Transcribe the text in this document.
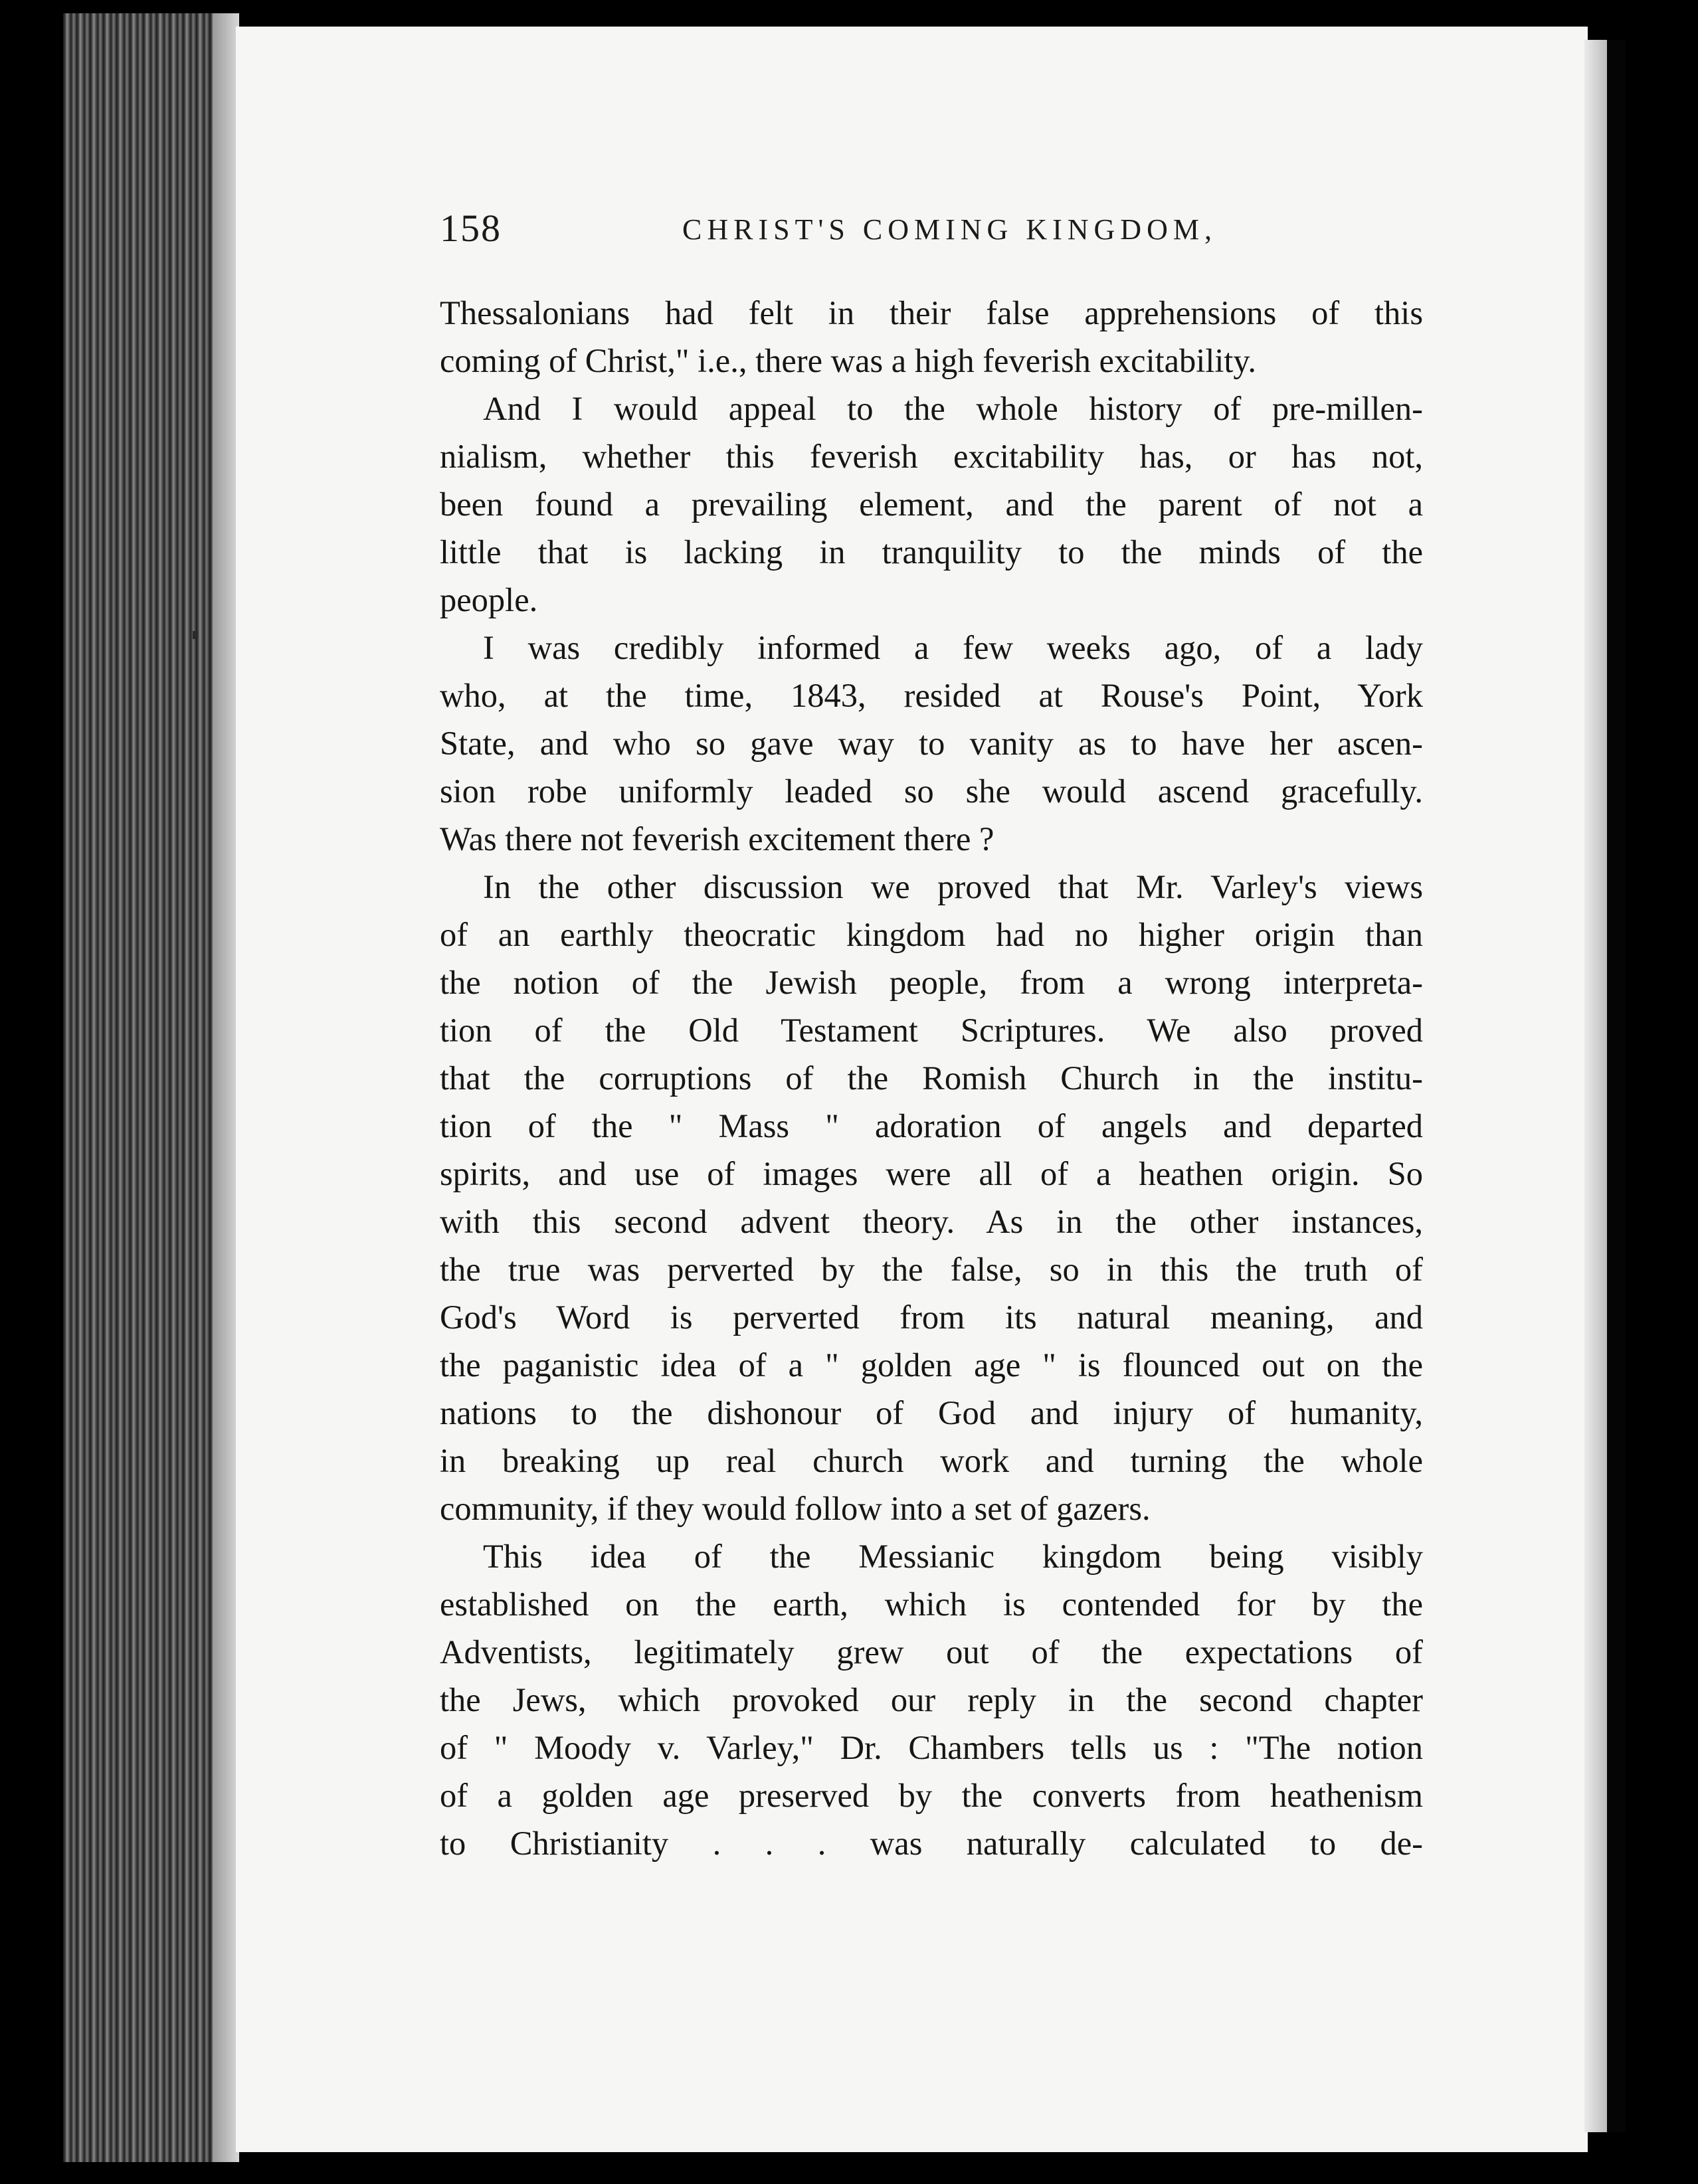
158	CHRIST'S COMING KINGDOM,
Thessalonians had felt in their false apprehensions of this
coming of Christ," i.e., there was a high feverish excitability.
And I would appeal to the whole history of pre-millen-
nialism, whether this feverish excitability has, or has not,
been found a prevailing element, and the parent of not a
little that is lacking in tranquility to the minds of the
people.
I was credibly informed a few weeks ago, of a lady
who, at the time, 1843, resided at Rouse's Point, York
State, and who so gave way to vanity as to have her ascen-
sion robe uniformly leaded so she would ascend gracefully.
Was there not feverish excitement there ?
In the other discussion we proved that Mr. Varley's views
of an earthly theocratic kingdom had no higher origin than
the notion of the Jewish people, from a wrong interpreta-
tion of the Old Testament Scriptures. We also proved
that the corruptions of the Romish Church in the institu-
tion of the " Mass " adoration of angels and departed
spirits, and use of images were all of a heathen origin. So
with this second advent theory. As in the other instances,
the true was perverted by the false, so in this the truth of
God's Word is perverted from its natural meaning, and
the paganistic idea of a " golden age " is flounced out on the
nations to the dishonour of God and injury of humanity,
in breaking up real church work and turning the whole
community, if they would follow into a set of gazers.
This idea of the Messianic kingdom being visibly
established on the earth, which is contended for by the
Adventists, legitimately grew out of the expectations of
the Jews, which provoked our reply in the second chapter
of " Moody v. Varley," Dr. Chambers tells us : "The notion
of a golden age preserved by the converts from heathenism
to Christianity . . . was naturally calculated to de-
